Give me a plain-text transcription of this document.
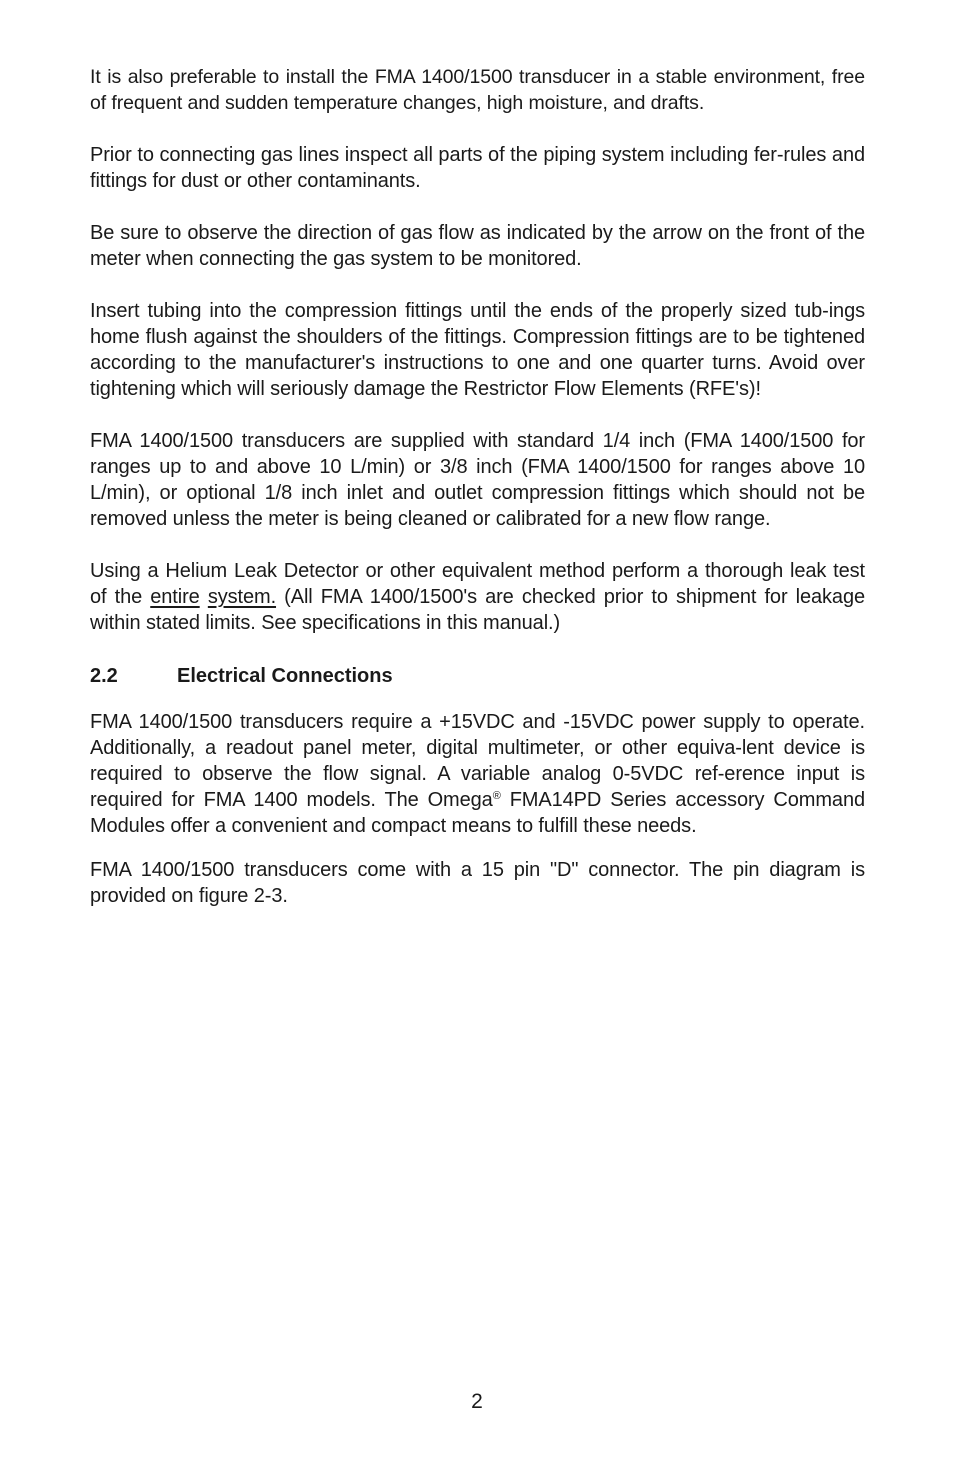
It is also preferable to install the FMA 1400/1500 transducer in a stable environment, free of frequent and sudden temperature changes, high moisture, and drafts.

Prior to connecting gas lines inspect all parts of the piping system including fer-rules and fittings for dust or other contaminants.

Be sure to observe the direction of gas flow as indicated by the arrow on the front of the meter when connecting the gas system to be monitored.

Insert tubing into the compression fittings until the ends of the properly sized tub-ings home flush against the shoulders of the fittings. Compression fittings are to be tightened according to the manufacturer's instructions to one and one quarter turns. Avoid over tightening which will seriously damage the Restrictor Flow Elements (RFE's)!

FMA 1400/1500 transducers are supplied with standard 1/4 inch (FMA 1400/1500 for ranges up to and above 10 L/min) or 3/8 inch (FMA 1400/1500 for ranges above 10 L/min), or optional 1/8 inch inlet and outlet compression fittings which should not be removed unless the meter is being cleaned or calibrated for a new flow range.

Using a Helium Leak Detector or other equivalent method perform a thorough leak test of the entire system. (All FMA 1400/1500's are checked prior to shipment for leakage within stated limits. See specifications in this manual.)

2.2	Electrical Connections

FMA 1400/1500 transducers require a +15VDC and -15VDC power supply to operate. Additionally, a readout panel meter, digital multimeter, or other equiva-lent device is required to observe the flow signal. A variable analog 0-5VDC ref-erence input is required for FMA 1400 models. The Omega® FMA14PD Series accessory Command Modules offer a convenient and compact means to fulfill these needs.

FMA 1400/1500 transducers come with a 15 pin "D" connector. The pin diagram is provided on figure 2-3.

2
